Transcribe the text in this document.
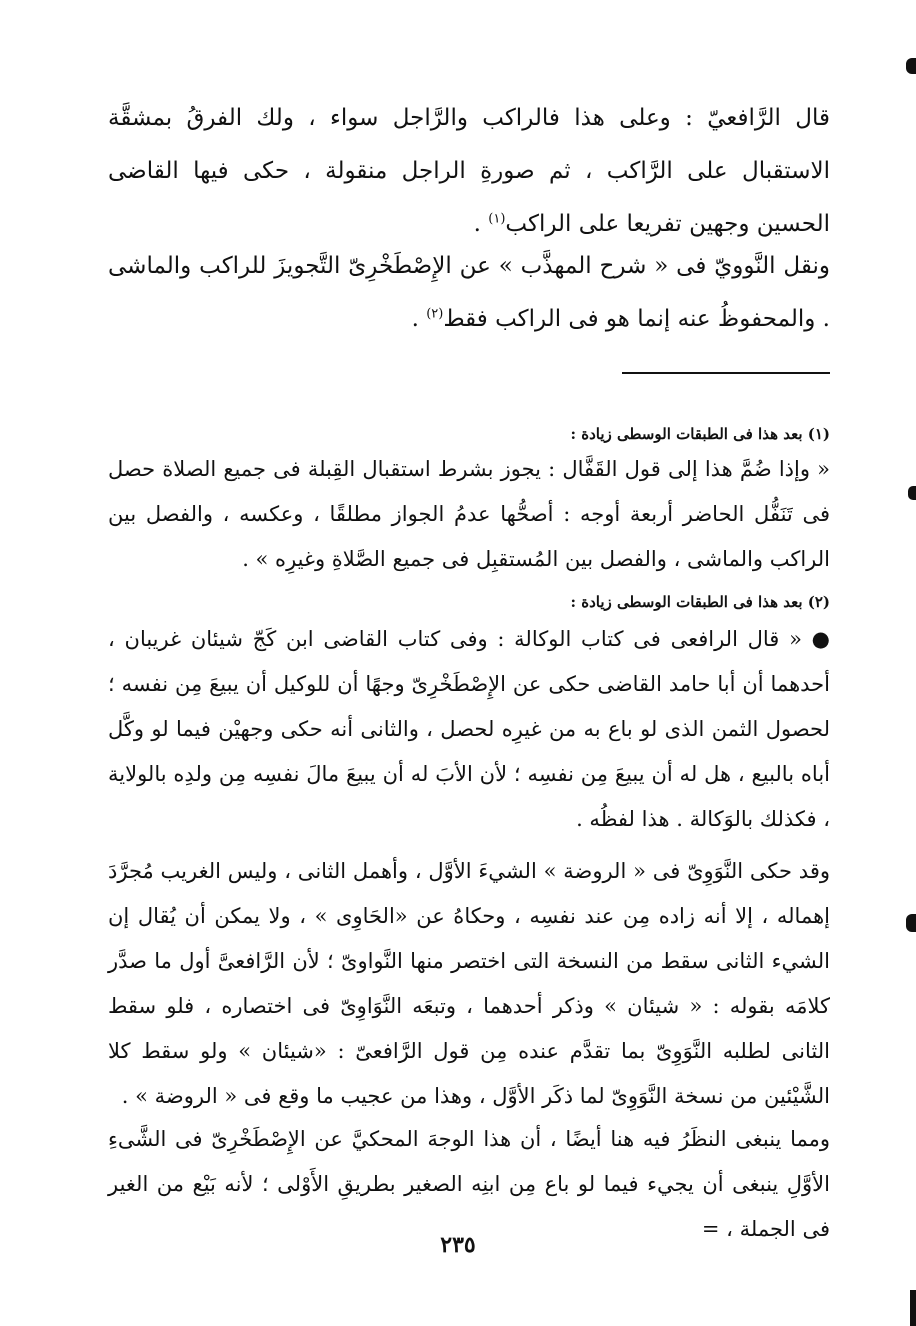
قال الرَّافعيّ : وعلى هذا فالراكب والرَّاجل سواء ، ولك الفرقُ بمشقَّة الاستقبال على الرَّاكب ، ثم صورةِ الراجل منقولة ، حكى فيها القاضى الحسين وجهين تفريعا على الراكب$^{(١)}$ .

ونقل النَّوويّ فى « شرح المهذَّب » عن الإِصْطَخْرِىّ التَّجويزَ للراكب والماشى . والمحفوظُ عنه إنما هو فى الراكب فقط$^{(٢)}$ .

(١) بعد هذا فى الطبقات الوسطى زيادة :

« وإذا ضُمَّ هذا إلى قول القَفَّال : يجوز بشرط استقبال القِبلة فى جميع الصلاة حصل فى تَنَفُّل الحاضر أربعة أوجه : أصحُّها عدمُ الجواز مطلقًا ، وعكسه ، والفصل بين الراكب والماشى ، والفصل بين المُستقبِل فى جميع الصَّلاةِ وغيرِه » .

(٢) بعد هذا فى الطبقات الوسطى زيادة :

● « قال الرافعى فى كتاب الوكالة : وفى كتاب القاضى ابن كَجّ شيئان غريبان ، أحدهما أن أبا حامد القاضى حكى عن الإِصْطَخْرِىّ وجهًا أن للوكيل أن يبيعَ مِن نفسه ؛ لحصول الثمن الذى لو باع به من غيرِه لحصل ، والثانى أنه حكى وجهيْن فيما لو وكَّل أباه بالبيع ، هل له أن يبيعَ مِن نفسِه ؛ لأن الأبَ له أن يبيعَ مالَ نفسِه مِن ولدِه بالولاية ، فكذلك بالوَكالة . هذا لفظُه .

وقد حكى النَّوَوِىّ فى « الروضة » الشيءَ الأوَّل ، وأهمل الثانى ، وليس الغريب مُجرَّدَ إهماله ، إلا أنه زاده مِن عند نفسِه ، وحكاهُ عن «الحَاوِى » ، ولا يمكن أن يُقال إن الشيء الثانى سقط من النسخة التى اختصر منها النَّواوىّ ؛ لأن الرَّافعىَّ أول ما صدَّر كلامَه بقوله : « شيئان » وذكر أحدهما ، وتبعَه النَّوَاوِىّ فى اختصاره ، فلو سقط الثانى لطلبه النَّوَوِىّ بما تقدَّم عنده مِن قول الرَّافعىّ : «شيئان » ولو سقط كلا الشَّيْئين من نسخة النَّوَوِىّ لما ذكَر الأوَّل ، وهذا من عجيب ما وقع فى « الروضة » .

ومما ينبغى النظَرُ فيه هنا أيضًا ، أن هذا الوجهَ المحكيَّ عن الإِصْطَخْرِىّ فى الشَّىءِ الأوَّلِ ينبغى أن يجيء فيما لو باع مِن ابنِه الصغير بطريقِ الأَوْلى ؛ لأنه بَيْع من الغير فى الجملة ، =

٢٣٥
